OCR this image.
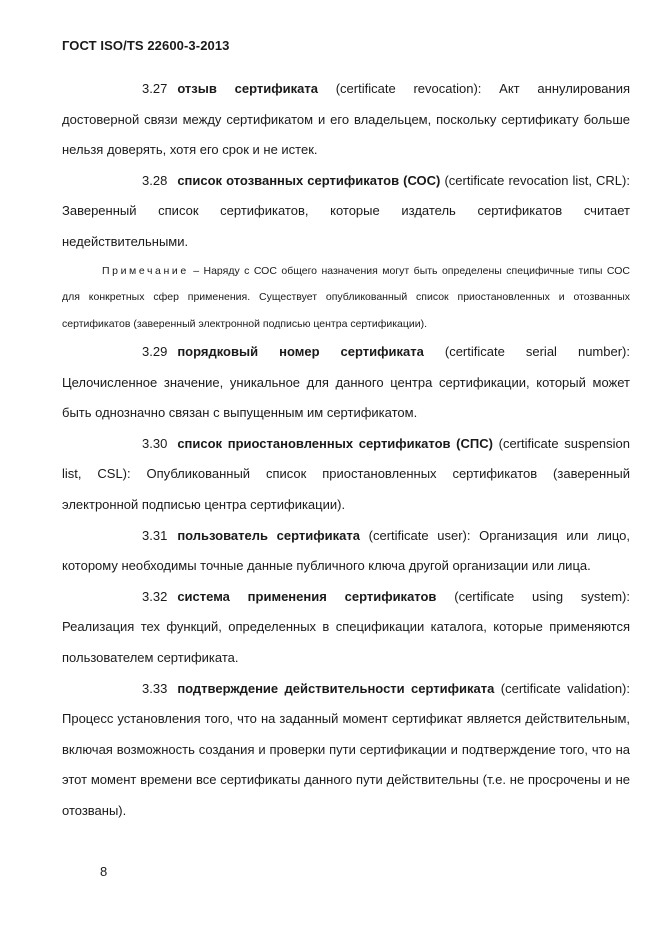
ГОСТ ISO/TS 22600-3-2013

3.27 отзыв сертификата (certificate revocation): Акт аннулирования достоверной связи между сертификатом и его владельцем, поскольку сертификату больше нельзя доверять, хотя его срок и не истек.

3.28 список отозванных сертификатов (СОС) (certificate revocation list, CRL): Заверенный список сертификатов, которые издатель сертификатов считает недействительными.

Примечание – Наряду с СОС общего назначения могут быть определены специфичные типы СОС для конкретных сфер применения. Существует опубликованный список приостановленных и отозванных сертификатов (заверенный электронной подписью центра сертификации).

3.29 порядковый номер сертификата (certificate serial number): Целочисленное значение, уникальное для данного центра сертификации, который может быть однозначно связан с выпущенным им сертификатом.

3.30 список приостановленных сертификатов (СПС) (certificate suspension list, CSL): Опубликованный список приостановленных сертификатов (заверенный электронной подписью центра сертификации).

3.31 пользователь сертификата (certificate user): Организация или лицо, которому необходимы точные данные публичного ключа другой организации или лица.

3.32 система применения сертификатов (certificate using system): Реализация тех функций, определенных в спецификации каталога, которые применяются пользователем сертификата.

3.33 подтверждение действительности сертификата (certificate validation): Процесс установления того, что на заданный момент сертификат является действительным, включая возможность создания и проверки пути сертификации и подтверждение того, что на этот момент времени все сертификаты данного пути действительны (т.е. не просрочены и не отозваны).

8
